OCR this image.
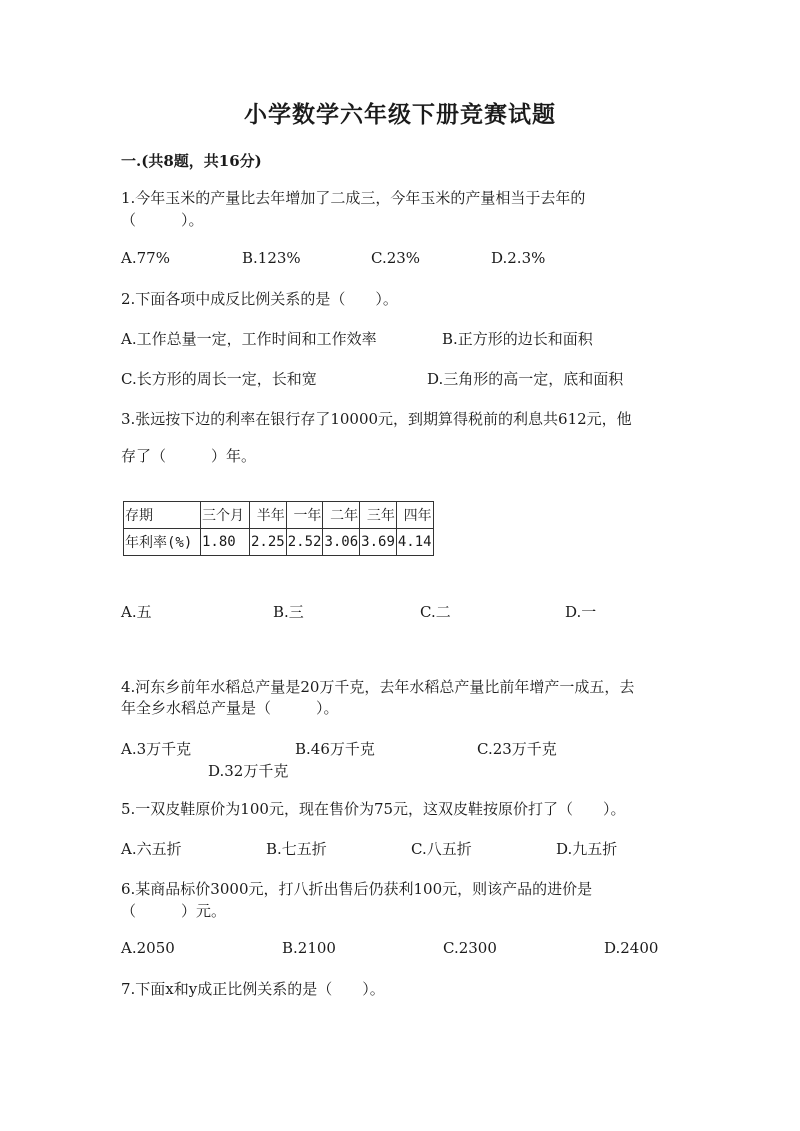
小学数学六年级下册竞赛试题
一.(共8题，共16分)
1.今年玉米的产量比去年增加了二成三，今年玉米的产量相当于去年的
（　　　）。
A.77%	B.123%	C.23%	D.2.3%
2.下面各项中成反比例关系的是（　　）。
A.工作总量一定，工作时间和工作效率	B.正方形的边长和面积
C.长方形的周长一定，长和宽	D.三角形的高一定，底和面积
3.张远按下边的利率在银行存了10000元，到期算得税前的利息共612元，他
存了（　　　）年。
存期	三个月	半年	一年	二年	三年	四年
年利率(%)	1.80	2.25	2.52	3.06	3.69	4.14
A.五	B.三	C.二	D.一
4.河东乡前年水稻总产量是20万千克，去年水稻总产量比前年增产一成五，去
年全乡水稻总产量是（　　　）。
A.3万千克	B.46万千克	C.23万千克
D.32万千克
5.一双皮鞋原价为100元，现在售价为75元，这双皮鞋按原价打了（　　）。
A.六五折	B.七五折	C.八五折	D.九五折
6.某商品标价3000元，打八折出售后仍获利100元，则该产品的进价是
（　　　）元。
A.2050	B.2100	C.2300	D.2400
7.下面x和y成正比例关系的是（　　）。
